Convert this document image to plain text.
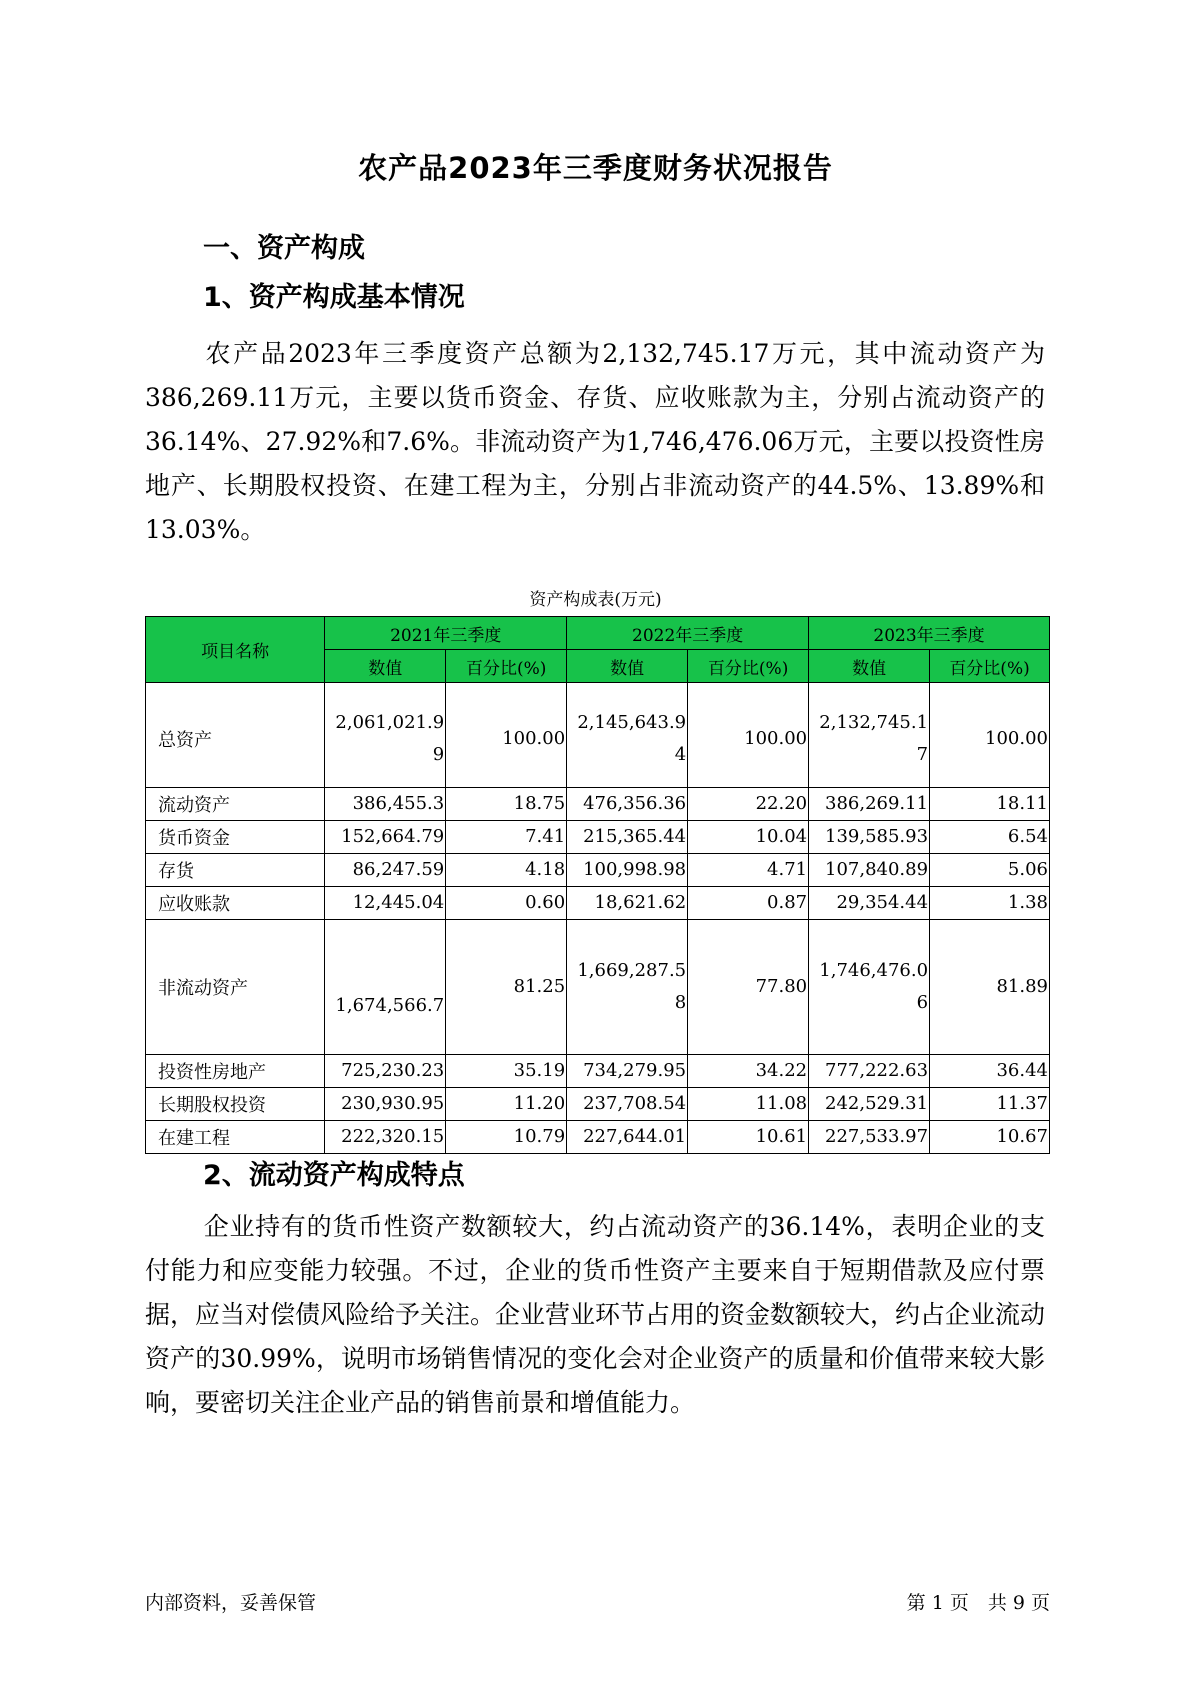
农产品2023年三季度财务状况报告
一、资产构成
1、资产构成基本情况
农产品2023年三季度资产总额为2,132,745.17万元，其中流动资产为386,269.11万元，主要以货币资金、存货、应收账款为主，分别占流动资产的36.14%、27.92%和7.6%。非流动资产为1,746,476.06万元，主要以投资性房地产、长期股权投资、在建工程为主，分别占非流动资产的44.5%、13.89%和13.03%。
资产构成表(万元)
项目名称	2021年三季度		2022年三季度		2023年三季度	
	数值	百分比(%)	数值	百分比(%)	数值	百分比(%)
总资产	2,061,021.99	100.00	2,145,643.94	100.00	2,132,745.17	100.00
流动资产	386,455.3	18.75	476,356.36	22.20	386,269.11	18.11
货币资金	152,664.79	7.41	215,365.44	10.04	139,585.93	6.54
存货	86,247.59	4.18	100,998.98	4.71	107,840.89	5.06
应收账款	12,445.04	0.60	18,621.62	0.87	29,354.44	1.38
非流动资产	1,674,566.7	81.25	1,669,287.58	77.80	1,746,476.06	81.89
投资性房地产	725,230.23	35.19	734,279.95	34.22	777,222.63	36.44
长期股权投资	230,930.95	11.20	237,708.54	11.08	242,529.31	11.37
在建工程	222,320.15	10.79	227,644.01	10.61	227,533.97	10.67
2、流动资产构成特点
企业持有的货币性资产数额较大，约占流动资产的36.14%，表明企业的支付能力和应变能力较强。不过，企业的货币性资产主要来自于短期借款及应付票据，应当对偿债风险给予关注。企业营业环节占用的资金数额较大，约占企业流动资产的30.99%，说明市场销售情况的变化会对企业资产的质量和价值带来较大影响，要密切关注企业产品的销售前景和增值能力。
内部资料，妥善保管	第 1 页　共 9 页
